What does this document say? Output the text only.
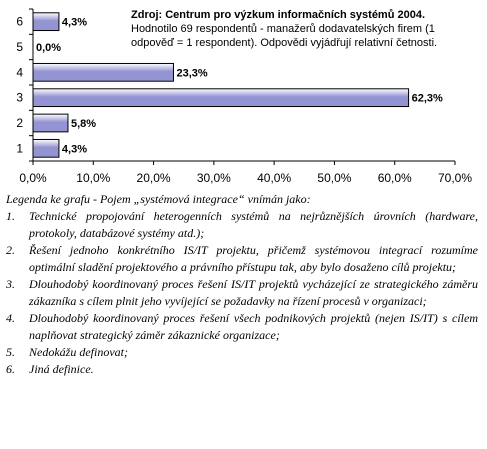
0,0% 10,0% 20,0% 30,0% 40,0% 50,0% 60,0% 70,0%
1	4,3%
2	5,8%
3	62,3%
4	23,3%
5 0,0%
6	4,3%
Zdroj: Centrum pro výzkum informačních systémů 2004.
Hodnotilo 69 respondentů - manažerů dodavatelských firem (1
odpověď = 1 respondent). Odpovědi vyjádřují relativní četnosti.
Legenda ke grafu - Pojem „systémová integrace“ vnímán jako:
1.	Technické propojování heterogenních systémů na nejrůznějších úrovních (hardware, protokoly, databázové systémy atd.);
2.	Řešení jednoho konkrétního IS/IT projektu, přičemž systémovou integrací rozumíme optimální sladění projektového a právního přístupu tak, aby bylo dosaženo cílů projektu;
3.	Dlouhodobý koordinovaný proces řešení IS/IT projektů vycházející ze strategického záměru zákazníka s cílem plnit jeho vyvíjející se požadavky na řízení procesů v organizaci;
4.	Dlouhodobý koordinovaný proces řešení všech podnikových projektů (nejen IS/IT) s cílem naplňovat strategický záměr zákaznické organizace;
5.	Nedokážu definovat;
6.	Jiná definice.
